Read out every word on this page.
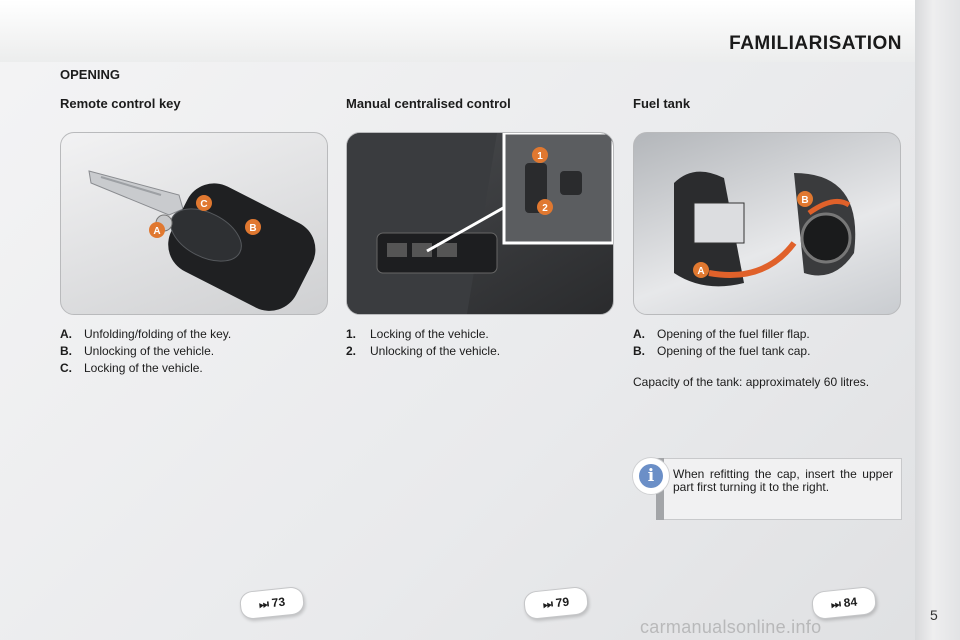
FAMILIARISATION
OPENING
Remote control key	Manual centralised control	Fuel tank
A	B
C
1
2
A
B
A. Unfolding/folding of the key.
B. Unlocking of the vehicle.
C. Locking of the vehicle.
1. Locking of the vehicle.
2. Unlocking of the vehicle.
A. Opening of the fuel filler flap.
B. Opening of the fuel tank cap.
Capacity of the tank: approximately 60 litres.
When refitting the cap, insert the upper part first turning it to the right.
i
⏭ 73	⏭ 79	⏭ 84
5
carmanualsonline.info
